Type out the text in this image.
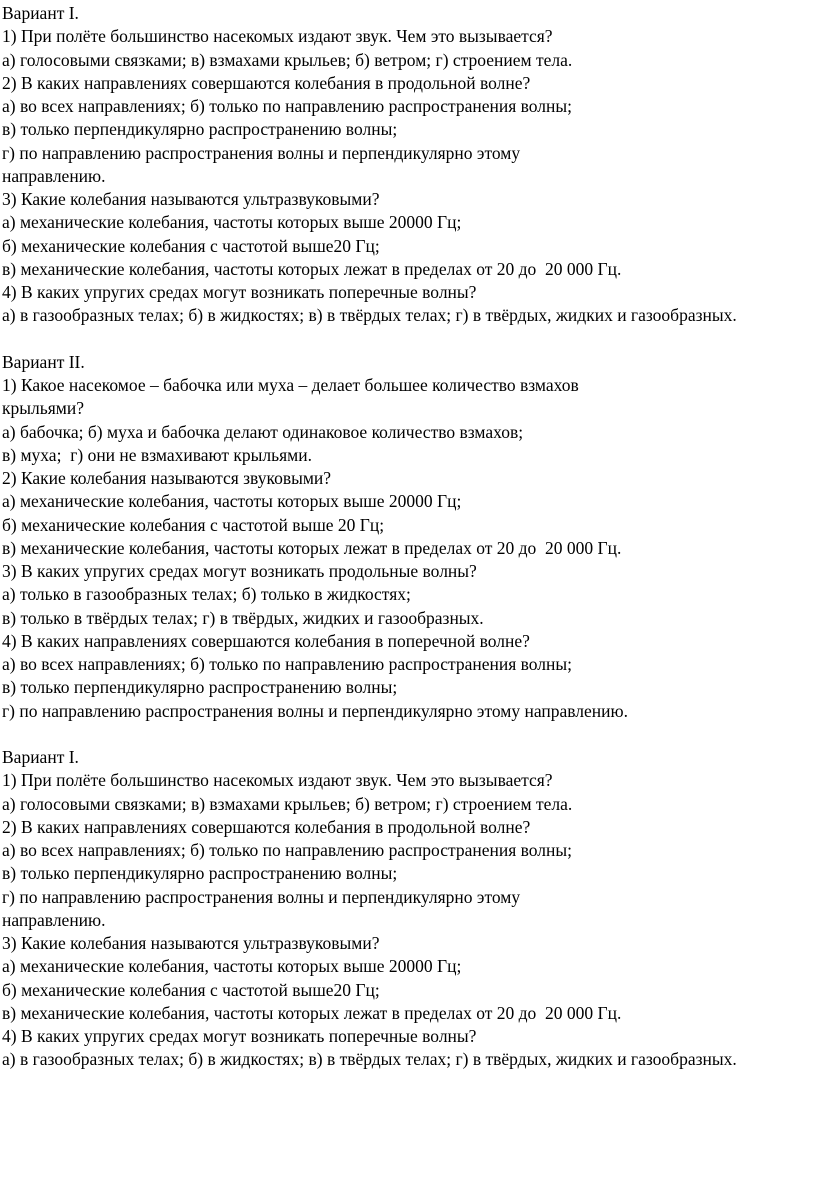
Вариант I.
1) При полёте большинство насекомых издают звук. Чем это вызывается?
а) голосовыми связками; в) взмахами крыльев; б) ветром; г) строением тела.
2) В каких направлениях совершаются колебания в продольной волне?
а) во всех направлениях; б) только по направлению распространения волны;
в) только перпендикулярно распространению волны;
г) по направлению распространения волны и перпендикулярно этому
направлению.
3) Какие колебания называются ультразвуковыми?
а) механические колебания, частоты которых выше 20000 Гц;
б) механические колебания с частотой выше20 Гц;
в) механические колебания, частоты которых лежат в пределах от 20 до  20 000 Гц.
4) В каких упругих средах могут возникать поперечные волны?
а) в газообразных телах; б) в жидкостях; в) в твёрдых телах; г) в твёрдых, жидких и газообразных.
Вариант II.
1) Какое насекомое – бабочка или муха – делает большее количество взмахов
крыльями?
а) бабочка; б) муха и бабочка делают одинаковое количество взмахов;
в) муха;  г) они не взмахивают крыльями.
2) Какие колебания называются звуковыми?
а) механические колебания, частоты которых выше 20000 Гц;
б) механические колебания с частотой выше 20 Гц;
в) механические колебания, частоты которых лежат в пределах от 20 до  20 000 Гц.
3) В каких упругих средах могут возникать продольные волны?
а) только в газообразных телах; б) только в жидкостях;
в) только в твёрдых телах; г) в твёрдых, жидких и газообразных.
4) В каких направлениях совершаются колебания в поперечной волне?
а) во всех направлениях; б) только по направлению распространения волны;
в) только перпендикулярно распространению волны;
г) по направлению распространения волны и перпендикулярно этому направлению.
Вариант I.
1) При полёте большинство насекомых издают звук. Чем это вызывается?
а) голосовыми связками; в) взмахами крыльев; б) ветром; г) строением тела.
2) В каких направлениях совершаются колебания в продольной волне?
а) во всех направлениях; б) только по направлению распространения волны;
в) только перпендикулярно распространению волны;
г) по направлению распространения волны и перпендикулярно этому
направлению.
3) Какие колебания называются ультразвуковыми?
а) механические колебания, частоты которых выше 20000 Гц;
б) механические колебания с частотой выше20 Гц;
в) механические колебания, частоты которых лежат в пределах от 20 до  20 000 Гц.
4) В каких упругих средах могут возникать поперечные волны?
а) в газообразных телах; б) в жидкостях; в) в твёрдых телах; г) в твёрдых, жидких и газообразных.
